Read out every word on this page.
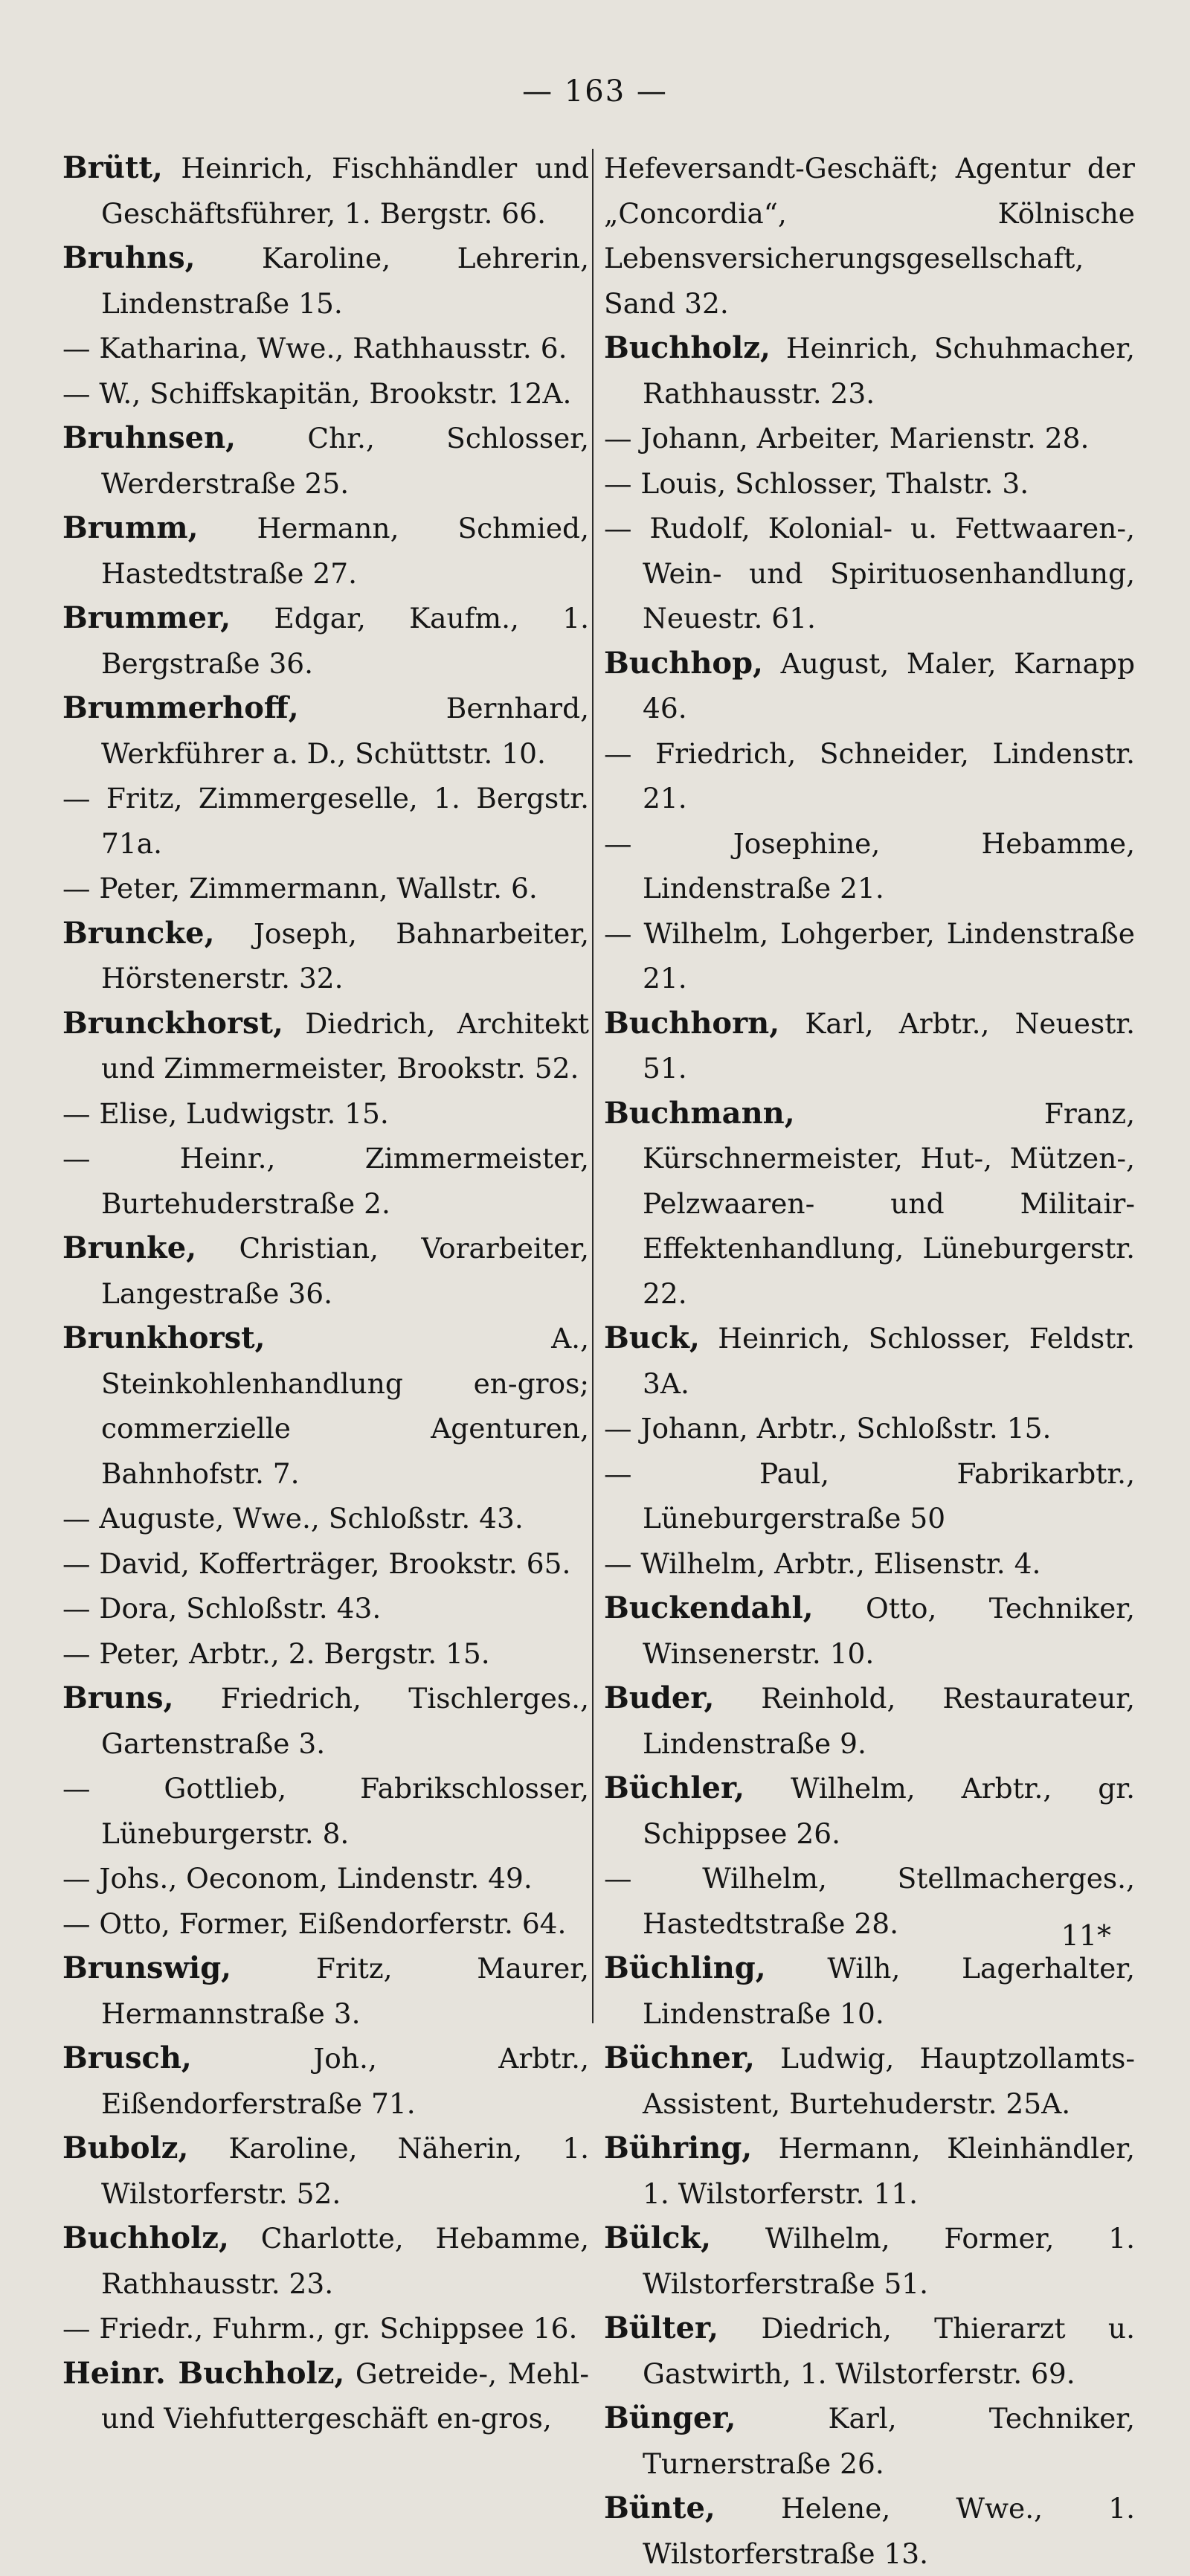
— 163 —

Brütt, Heinrich, Fischhändler und Geschäftsführer, 1. Bergstr. 66.

Bruhns, Karoline, Lehrerin, Lindenstraße 15.

— Katharina, Wwe., Rathhausstr. 6.

— W., Schiffskapitän, Brookstr. 12A.

Bruhnsen, Chr., Schlosser, Werderstraße 25.

Brumm, Hermann, Schmied, Hastedtstraße 27.

Brummer, Edgar, Kaufm., 1. Bergstraße 36.

Brummerhoff, Bernhard, Werkführer a. D., Schüttstr. 10.

— Fritz, Zimmergeselle, 1. Bergstr. 71a.

— Peter, Zimmermann, Wallstr. 6.

Bruncke, Joseph, Bahnarbeiter, Hörstenerstr. 32.

Brunckhorst, Diedrich, Architekt und Zimmermeister, Brookstr. 52.

— Elise, Ludwigstr. 15.

— Heinr., Zimmermeister, Burtehuderstraße 2.

Brunke, Christian, Vorarbeiter, Langestraße 36.

Brunkhorst, A., Steinkohlenhandlung en-gros; commerzielle Agenturen, Bahnhofstr. 7.

— Auguste, Wwe., Schloßstr. 43.

— David, Kofferträger, Brookstr. 65.

— Dora, Schloßstr. 43.

— Peter, Arbtr., 2. Bergstr. 15.

Bruns, Friedrich, Tischlerges., Gartenstraße 3.

— Gottlieb, Fabrikschlosser, Lüneburgerstr. 8.

— Johs., Oeconom, Lindenstr. 49.

— Otto, Former, Eißendorferstr. 64.

Brunswig, Fritz, Maurer, Hermannstraße 3.

Brusch, Joh., Arbtr., Eißendorferstraße 71.

Bubolz, Karoline, Näherin, 1. Wilstorferstr. 52.

Buchholz, Charlotte, Hebamme, Rathhausstr. 23.

— Friedr., Fuhrm., gr. Schippsee 16.

Heinr. Buchholz, Getreide-, Mehl- und Viehfuttergeschäft en-gros,

Hefeversandt-Geschäft; Agentur der „Concordia“, Kölnische Lebensversicherungsgesellschaft, Sand 32.

Buchholz, Heinrich, Schuhmacher, Rathhausstr. 23.

— Johann, Arbeiter, Marienstr. 28.

— Louis, Schlosser, Thalstr. 3.

— Rudolf, Kolonial- u. Fettwaaren-, Wein- und Spirituosenhandlung, Neuestr. 61.

Buchhop, August, Maler, Karnapp 46.

— Friedrich, Schneider, Lindenstr. 21.

— Josephine, Hebamme, Lindenstraße 21.

— Wilhelm, Lohgerber, Lindenstraße 21.

Buchhorn, Karl, Arbtr., Neuestr. 51.

Buchmann, Franz, Kürschnermeister, Hut-, Mützen-, Pelzwaaren- und Militair-Effektenhandlung, Lüneburgerstr. 22.

Buck, Heinrich, Schlosser, Feldstr. 3A.

— Johann, Arbtr., Schloßstr. 15.

— Paul, Fabrikarbtr., Lüneburgerstraße 50

— Wilhelm, Arbtr., Elisenstr. 4.

Buckendahl, Otto, Techniker, Winsenerstr. 10.

Buder, Reinhold, Restaurateur, Lindenstraße 9.

Büchler, Wilhelm, Arbtr., gr. Schippsee 26.

— Wilhelm, Stellmacherges., Hastedtstraße 28.

Büchling, Wilh, Lagerhalter, Lindenstraße 10.

Büchner, Ludwig, Hauptzollamts-Assistent, Burtehuderstr. 25A.

Bühring, Hermann, Kleinhändler, 1. Wilstorferstr. 11.

Bülck, Wilhelm, Former, 1. Wilstorferstraße 51.

Bülter, Diedrich, Thierarzt u. Gastwirth, 1. Wilstorferstr. 69.

Bünger, Karl, Techniker, Turnerstraße 26.

Bünte, Helene, Wwe., 1. Wilstorferstraße 13.

11*
